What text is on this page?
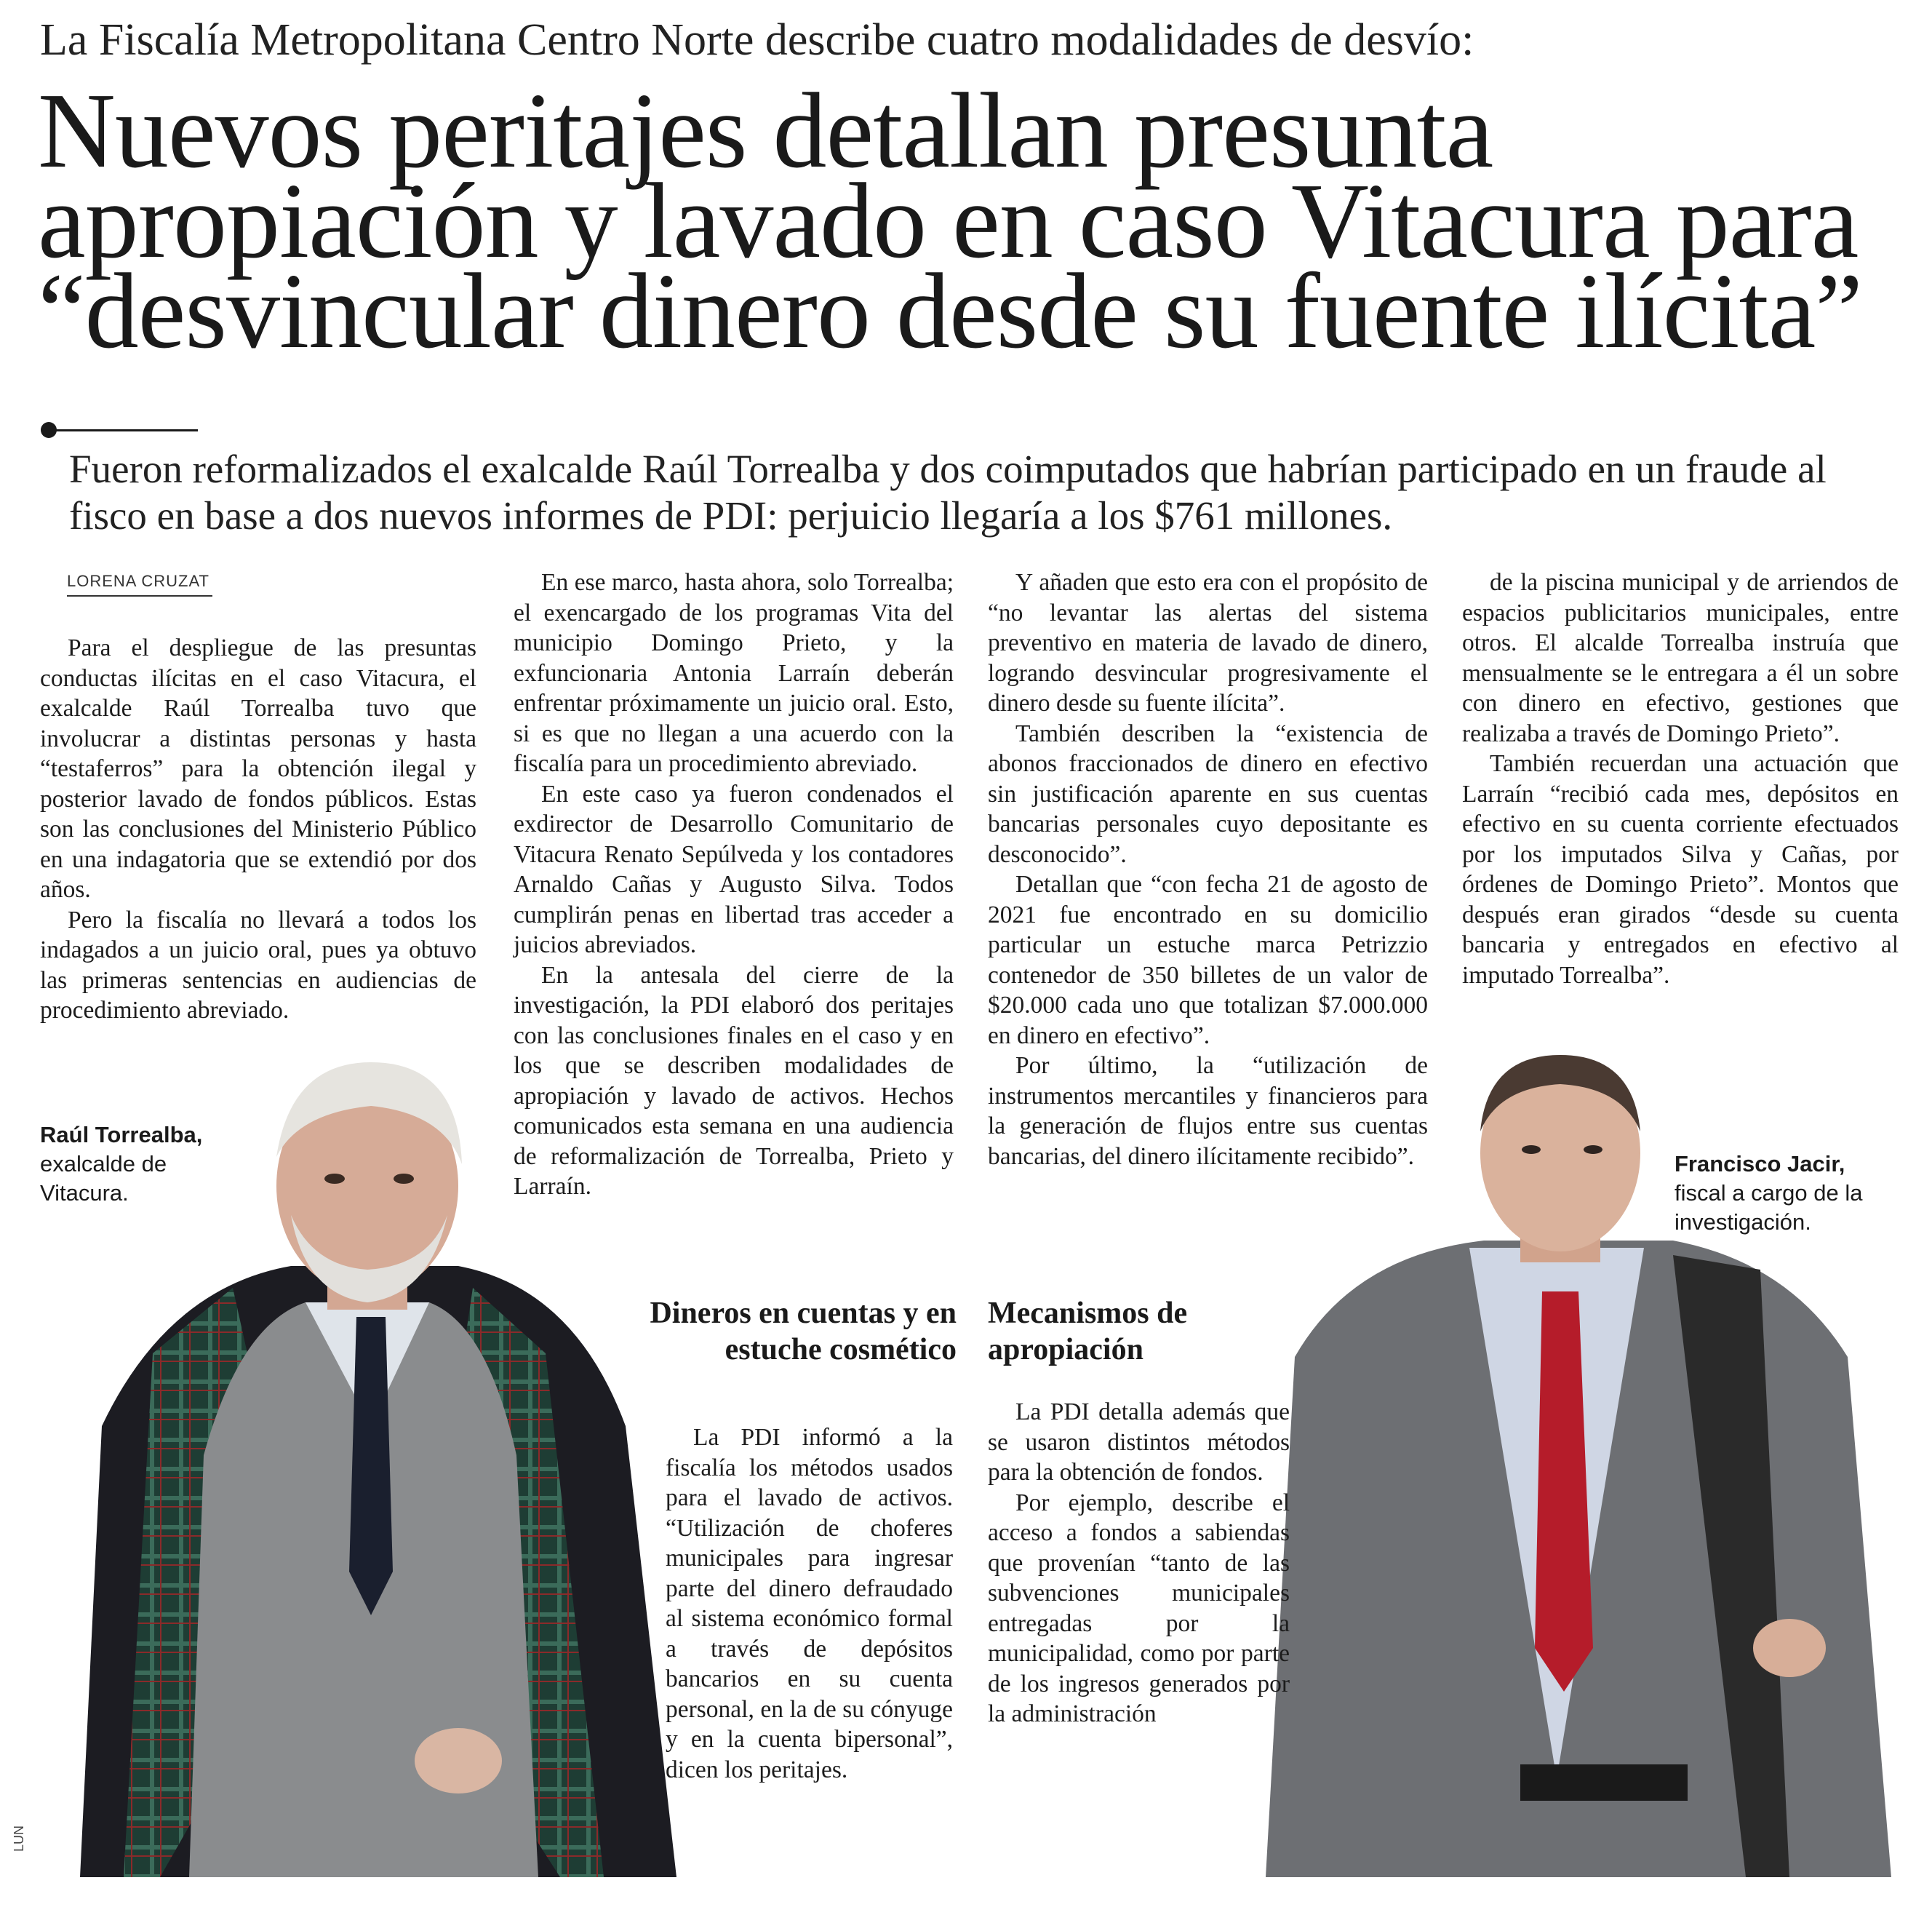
La Fiscalía Metropolitana Centro Norte describe cuatro modalidades de desvío:
Nuevos peritajes detallan presunta
apropiación y lavado en caso Vitacura para
“desvincular dinero desde su fuente ilícita”
Fueron reformalizados el exalcalde Raúl Torrealba y dos coimputados que habrían participado en un fraude al fisco en base a dos nuevos informes de PDI: perjuicio llegaría a los $761 millones.
LORENA CRUZAT

Para el despliegue de las presuntas conductas ilícitas en el caso Vitacura, el exalcalde Raúl Torrealba tuvo que involucrar a distintas personas y hasta “testaferros” para la obtención ilegal y posterior lavado de fondos públicos. Estas son las conclusiones del Ministerio Público en una indagatoria que se extendió por dos años.

Pero la fiscalía no llevará a todos los indagados a un juicio oral, pues ya obtuvo las primeras sentencias en audiencias de procedimiento abreviado.

En ese marco, hasta ahora, solo Torrealba; el exencargado de los programas Vita del municipio Domingo Prieto, y la exfuncionaria Antonia Larraín deberán enfrentar próximamente un juicio oral. Esto, si es que no llegan a una acuerdo con la fiscalía para un procedimiento abreviado.

En este caso ya fueron condenados el exdirector de Desarrollo Comunitario de Vitacura Renato Sepúlveda y los contadores Arnaldo Cañas y Augusto Silva. Todos cumplirán penas en libertad tras acceder a juicios abreviados.

En la antesala del cierre de la investigación, la PDI elaboró dos peritajes con las conclusiones finales en el caso y en los que se describen modalidades de apropiación y lavado de activos. Hechos comunicados esta semana en una audiencia de reformalización de Torrealba, Prieto y Larraín.

Y añaden que esto era con el propósito de “no levantar las alertas del sistema preventivo en materia de lavado de dinero, logrando desvincular progresivamente el dinero desde su fuente ilícita”.

También describen la “existencia de abonos fraccionados de dinero en efectivo sin justificación aparente en sus cuentas bancarias personales cuyo depositante es desconocido”.

Detallan que “con fecha 21 de agosto de 2021 fue encontrado en su domicilio particular un estuche marca Petrizzio contenedor de 350 billetes de un valor de $20.000 cada uno que totalizan $7.000.000 en dinero en efectivo”.

Por último, la “utilización de instrumentos mercantiles y financieros para la generación de flujos entre sus cuentas bancarias, del dinero ilícitamente recibido”.

de la piscina municipal y de arriendos de espacios publicitarios municipales, entre otros. El alcalde Torrealba instruía que mensualmente se le entregara a él un sobre con dinero en efectivo, gestiones que realizaba a través de Domingo Prieto”.

También recuerdan una actuación que Larraín “recibió cada mes, depósitos en efectivo en su cuenta corriente efectuados por los imputados Silva y Cañas, por órdenes de Domingo Prieto”. Montos que después eran girados “desde su cuenta bancaria y entregados en efectivo al imputado Torrealba”.

Dineros en cuentas y en estuche cosmético

La PDI informó a la fiscalía los métodos usados para el lavado de activos. “Utilización de choferes municipales para ingresar parte del dinero defraudado al sistema económico formal a través de depósitos bancarios en su cuenta personal, en la de su cónyuge y en la cuenta bipersonal”, dicen los peritajes.

Mecanismos de apropiación

La PDI detalla además que se usaron distintos métodos para la obtención de fondos.

Por ejemplo, describe el acceso a fondos a sabiendas que provenían “tanto de las subvenciones municipales entregadas por la municipalidad, como por parte de los ingresos generados por la administración

Raúl Torrealba,
exalcalde de Vitacura.
Francisco Jacir,
fiscal a cargo de la investigación.
LUN
